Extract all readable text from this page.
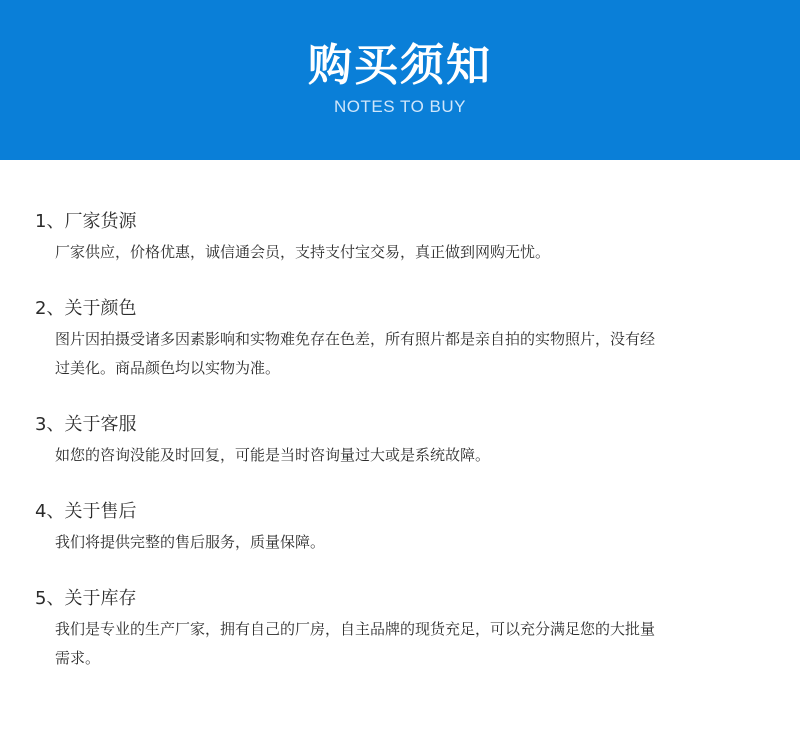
购买须知
NOTES TO BUY
1、厂家货源
厂家供应，价格优惠，诚信通会员，支持支付宝交易，真正做到网购无忧。
2、关于颜色
图片因拍摄受诸多因素影响和实物难免存在色差，所有照片都是亲自拍的实物照片，没有经
过美化。商品颜色均以实物为准。
3、关于客服
如您的咨询没能及时回复，可能是当时咨询量过大或是系统故障。
4、关于售后
我们将提供完整的售后服务，质量保障。
5、关于库存
我们是专业的生产厂家，拥有自己的厂房，自主品牌的现货充足，可以充分满足您的大批量
需求。
